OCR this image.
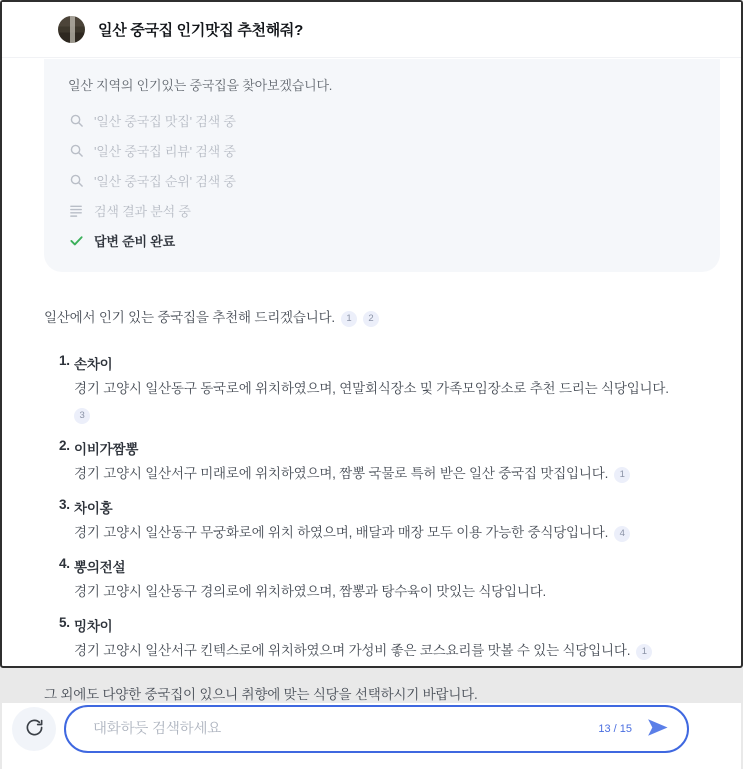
일산 중국집 인기맛집 추천해줘?
일산 지역의 인기있는 중국집을 찾아보겠습니다.
'일산 중국집 맛집' 검색 중
'일산 중국집 리뷰' 검색 중
'일산 중국집 순위' 검색 중
검색 결과 분석 중
답변 준비 완료
일산에서 인기 있는 중국집을 추천해 드리겠습니다. 1 2
1. 손차이
경기 고양시 일산동구 동국로에 위치하였으며, 연말회식장소 및 가족모임장소로 추천 드리는 식당입니다.
3
2. 이비가짬뽕
경기 고양시 일산서구 미래로에 위치하였으며, 짬뽕 국물로 특허 받은 일산 중국집 맛집입니다. 1
3. 차이홍
경기 고양시 일산동구 무궁화로에 위치 하였으며, 배달과 매장 모두 이용 가능한 중식당입니다. 4
4. 뽕의전설
경기 고양시 일산동구 경의로에 위치하였으며, 짬뽕과 탕수육이 맛있는 식당입니다.
5. 밍차이
경기 고양시 일산서구 킨텍스로에 위치하였으며 가성비 좋은 코스요리를 맛볼 수 있는 식당입니다. 1
그 외에도 다양한 중국집이 있으니 취향에 맞는 식당을 선택하시기 바랍니다.
대화하듯 검색하세요
13 / 15
